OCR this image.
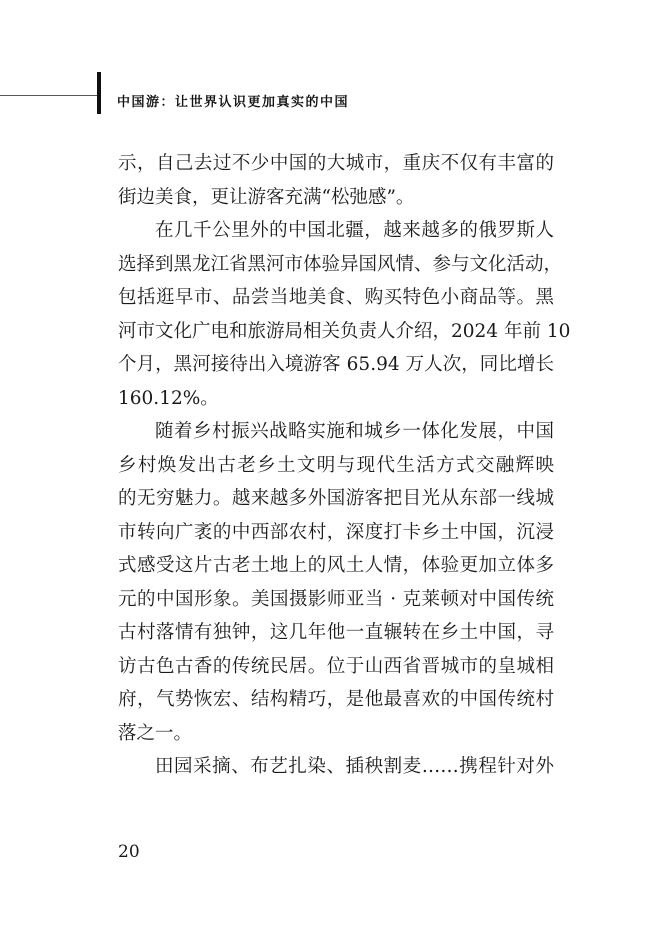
中国游：让世界认识更加真实的中国
示，自己去过不少中国的大城市，重庆不仅有丰富的
街边美食，更让游客充满“松弛感”。
在几千公里外的中国北疆，越来越多的俄罗斯人
选择到黑龙江省黑河市体验异国风情、参与文化活动，
包括逛早市、品尝当地美食、购买特色小商品等。黑
河市文化广电和旅游局相关负责人介绍，2024 年前 10
个月，黑河接待出入境游客 65.94 万人次，同比增长
160.12%。
随着乡村振兴战略实施和城乡一体化发展，中国
乡村焕发出古老乡土文明与现代生活方式交融辉映
的无穷魅力。越来越多外国游客把目光从东部一线城
市转向广袤的中西部农村，深度打卡乡土中国，沉浸
式感受这片古老土地上的风土人情，体验更加立体多
元的中国形象。美国摄影师亚当 · 克莱顿对中国传统
古村落情有独钟，这几年他一直辗转在乡土中国，寻
访古色古香的传统民居。位于山西省晋城市的皇城相
府，气势恢宏、结构精巧，是他最喜欢的中国传统村
落之一。
田园采摘、布艺扎染、插秧割麦……携程针对外
20
